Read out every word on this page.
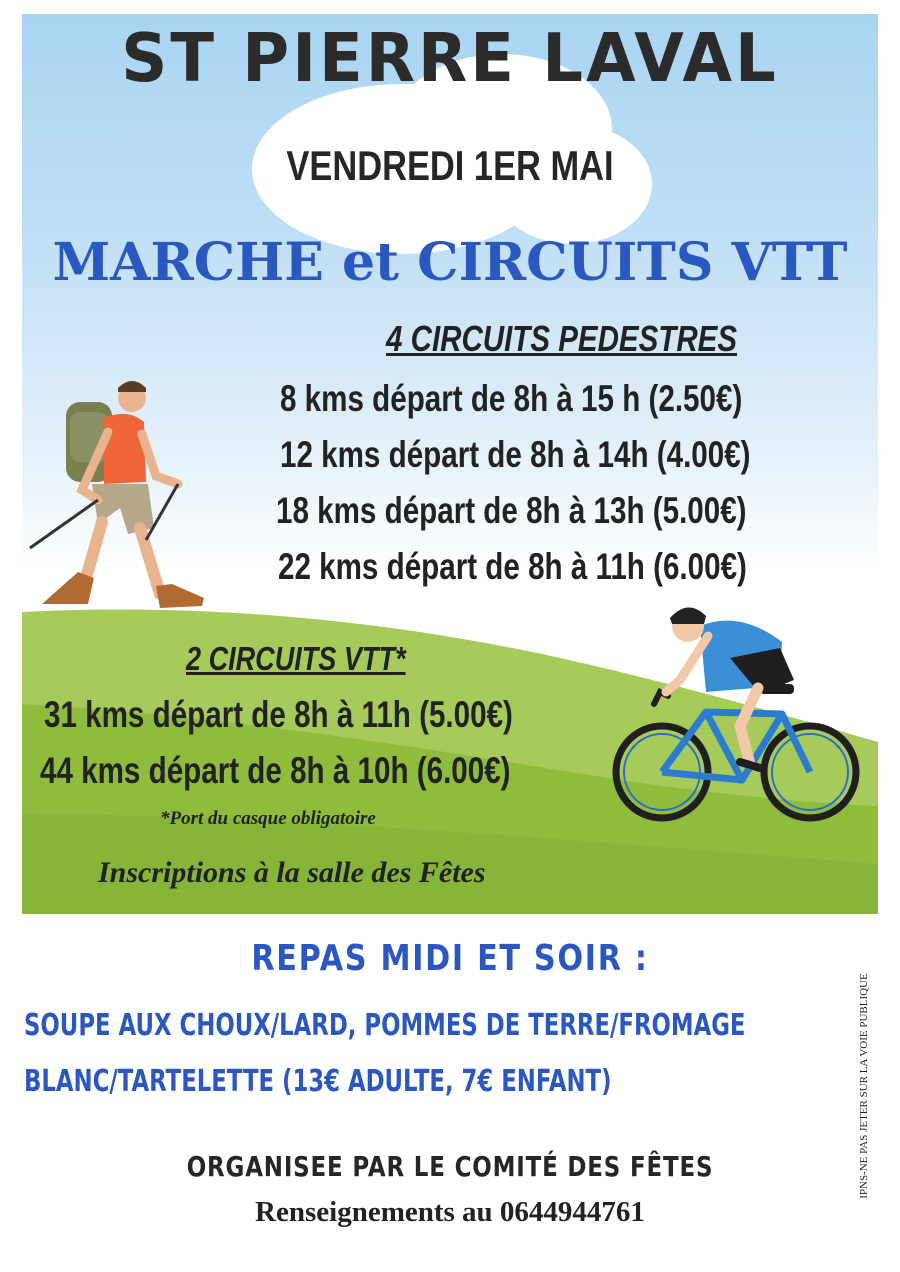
ST PIERRE LAVAL
VENDREDI 1ER MAI
MARCHE et CIRCUITS VTT
4 CIRCUITS PEDESTRES
8 kms départ de 8h à 15 h (2.50€)
12 kms départ de 8h à 14h (4.00€)
18 kms départ de 8h à 13h (5.00€)
22 kms départ de 8h à 11h (6.00€)
2 CIRCUITS VTT*
31 kms départ de 8h à 11h (5.00€)
44 kms départ de 8h à 10h (6.00€)
*Port du casque obligatoire
Inscriptions à la salle des Fêtes
REPAS MIDI ET SOIR :
SOUPE AUX CHOUX/LARD, POMMES DE TERRE/FROMAGE
BLANC/TARTELETTE (13€ ADULTE, 7€ ENFANT)
ORGANISEE PAR LE COMITÉ DES FÊTES
Renseignements au 0644944761
IPNS-NE PAS JETER SUR LA VOIE PUBLIQUE
